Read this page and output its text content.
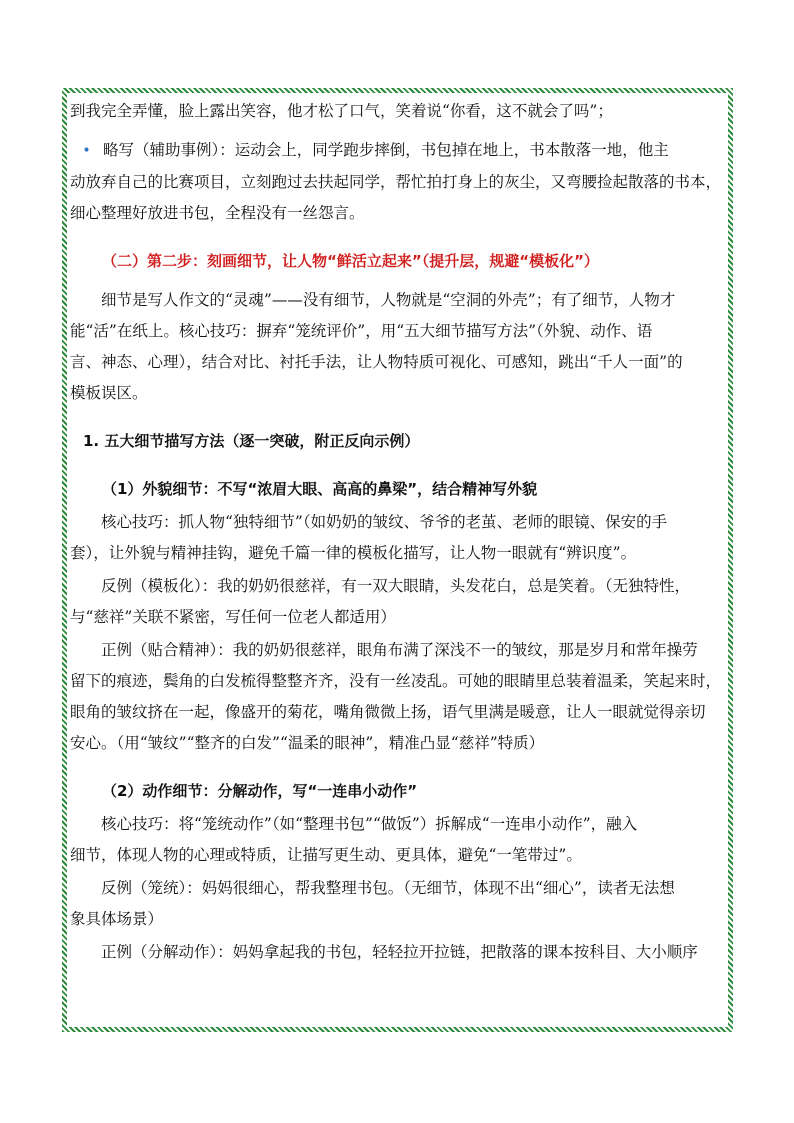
到我完全弄懂，脸上露出笑容，他才松了口气，笑着说“你看，这不就会了吗”；

• 略写（辅助事例）：运动会上，同学跑步摔倒，书包掉在地上，书本散落一地，他主

动放弃自己的比赛项目，立刻跑过去扶起同学，帮忙拍打身上的灰尘，又弯腰捡起散落的书本，

细心整理好放进书包，全程没有一丝怨言。

（二）第二步：刻画细节，让人物“鲜活立起来”（提升层，规避“模板化”）

细节是写人作文的“灵魂”——没有细节，人物就是“空洞的外壳”；有了细节，人物才

能“活”在纸上。核心技巧：摒弃“笼统评价”，用“五大细节描写方法”（外貌、动作、语

言、神态、心理），结合对比、衬托手法，让人物特质可视化、可感知，跳出“千人一面”的

模板误区。

1. 五大细节描写方法（逐一突破，附正反向示例）

（1）外貌细节：不写“浓眉大眼、高高的鼻梁”，结合精神写外貌

核心技巧：抓人物“独特细节”（如奶奶的皱纹、爷爷的老茧、老师的眼镜、保安的手

套），让外貌与精神挂钩，避免千篇一律的模板化描写，让人物一眼就有“辨识度”。

反例（模板化）：我的奶奶很慈祥，有一双大眼睛，头发花白，总是笑着。（无独特性，

与“慈祥”关联不紧密，写任何一位老人都适用）

正例（贴合精神）：我的奶奶很慈祥，眼角布满了深浅不一的皱纹，那是岁月和常年操劳

留下的痕迹，鬓角的白发梳得整整齐齐，没有一丝凌乱。可她的眼睛里总装着温柔，笑起来时，

眼角的皱纹挤在一起，像盛开的菊花，嘴角微微上扬，语气里满是暖意，让人一眼就觉得亲切

安心。（用“皱纹”“整齐的白发”“温柔的眼神”，精准凸显“慈祥”特质）

（2）动作细节：分解动作，写“一连串小动作”

核心技巧：将“笼统动作”（如“整理书包”“做饭”）拆解成“一连串小动作”，融入

细节，体现人物的心理或特质，让描写更生动、更具体，避免“一笔带过”。

反例（笼统）：妈妈很细心，帮我整理书包。（无细节，体现不出“细心”，读者无法想

象具体场景）

正例（分解动作）：妈妈拿起我的书包，轻轻拉开拉链，把散落的课本按科目、大小顺序
